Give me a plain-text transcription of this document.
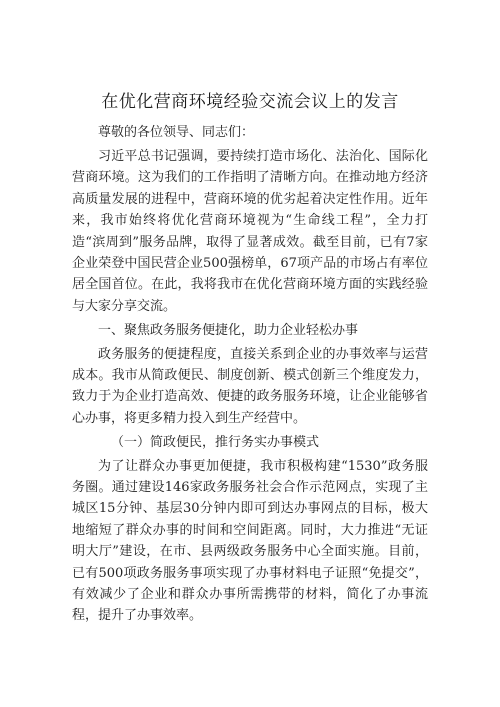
在优化营商环境经验交流会议上的发言

尊敬的各位领导、同志们：

习近平总书记强调，要持续打造市场化、法治化、国际化营商环境。这为我们的工作指明了清晰方向。在推动地方经济高质量发展的进程中，营商环境的优劣起着决定性作用。近年来，我市始终将优化营商环境视为“生命线工程”，全力打造“滨周到”服务品牌，取得了显著成效。截至目前，已有7家企业荣登中国民营企业500强榜单，67项产品的市场占有率位居全国首位。在此，我将我市在优化营商环境方面的实践经验与大家分享交流。

一、聚焦政务服务便捷化，助力企业轻松办事

政务服务的便捷程度，直接关系到企业的办事效率与运营成本。我市从简政便民、制度创新、模式创新三个维度发力，致力于为企业打造高效、便捷的政务服务环境，让企业能够省心办事，将更多精力投入到生产经营中。

（一）简政便民，推行务实办事模式

为了让群众办事更加便捷，我市积极构建“1530”政务服务圈。通过建设146家政务服务社会合作示范网点，实现了主城区15分钟、基层30分钟内即可到达办事网点的目标，极大地缩短了群众办事的时间和空间距离。同时，大力推进“无证明大厅”建设，在市、县两级政务服务中心全面实施。目前，已有500项政务服务事项实现了办事材料电子证照“免提交”，有效减少了企业和群众办事所需携带的材料，简化了办事流程，提升了办事效率。
